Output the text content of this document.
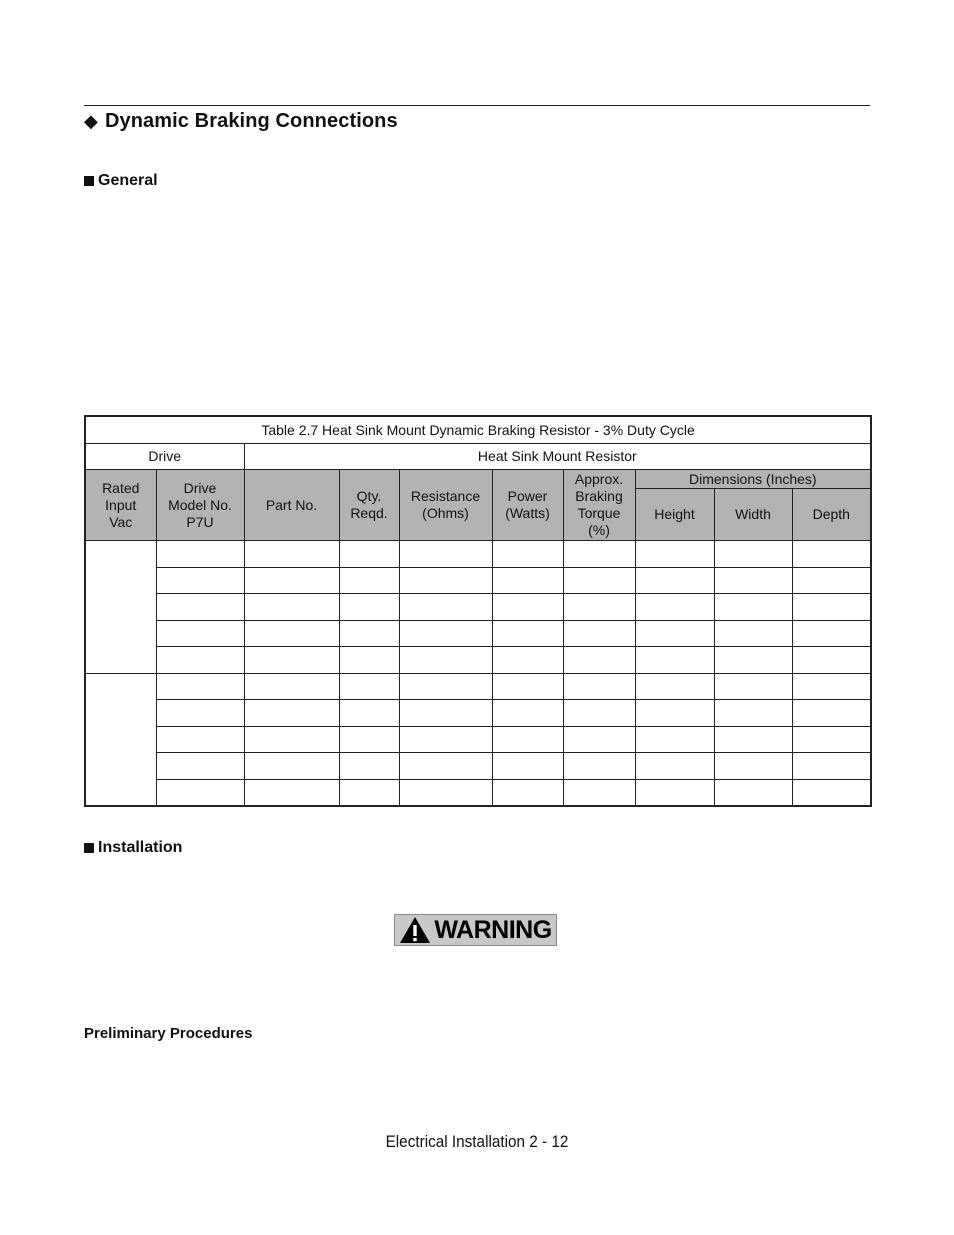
◆ Dynamic Braking Connections
General
Table 2.7 Heat Sink Mount Dynamic Braking Resistor - 3% Duty Cycle									
Drive		Heat Sink Mount Resistor							
Rated
Input
Vac	Drive
Model No.
P7U	Part No.	Qty.
Reqd.	Resistance
(Ohms)	Power
(Watts)	Approx.
Braking
Torque
(%)	Dimensions (Inches)		
							Height	Width	Depth

Installation
WARNING
Preliminary Procedures
Electrical Installation 2 - 12
